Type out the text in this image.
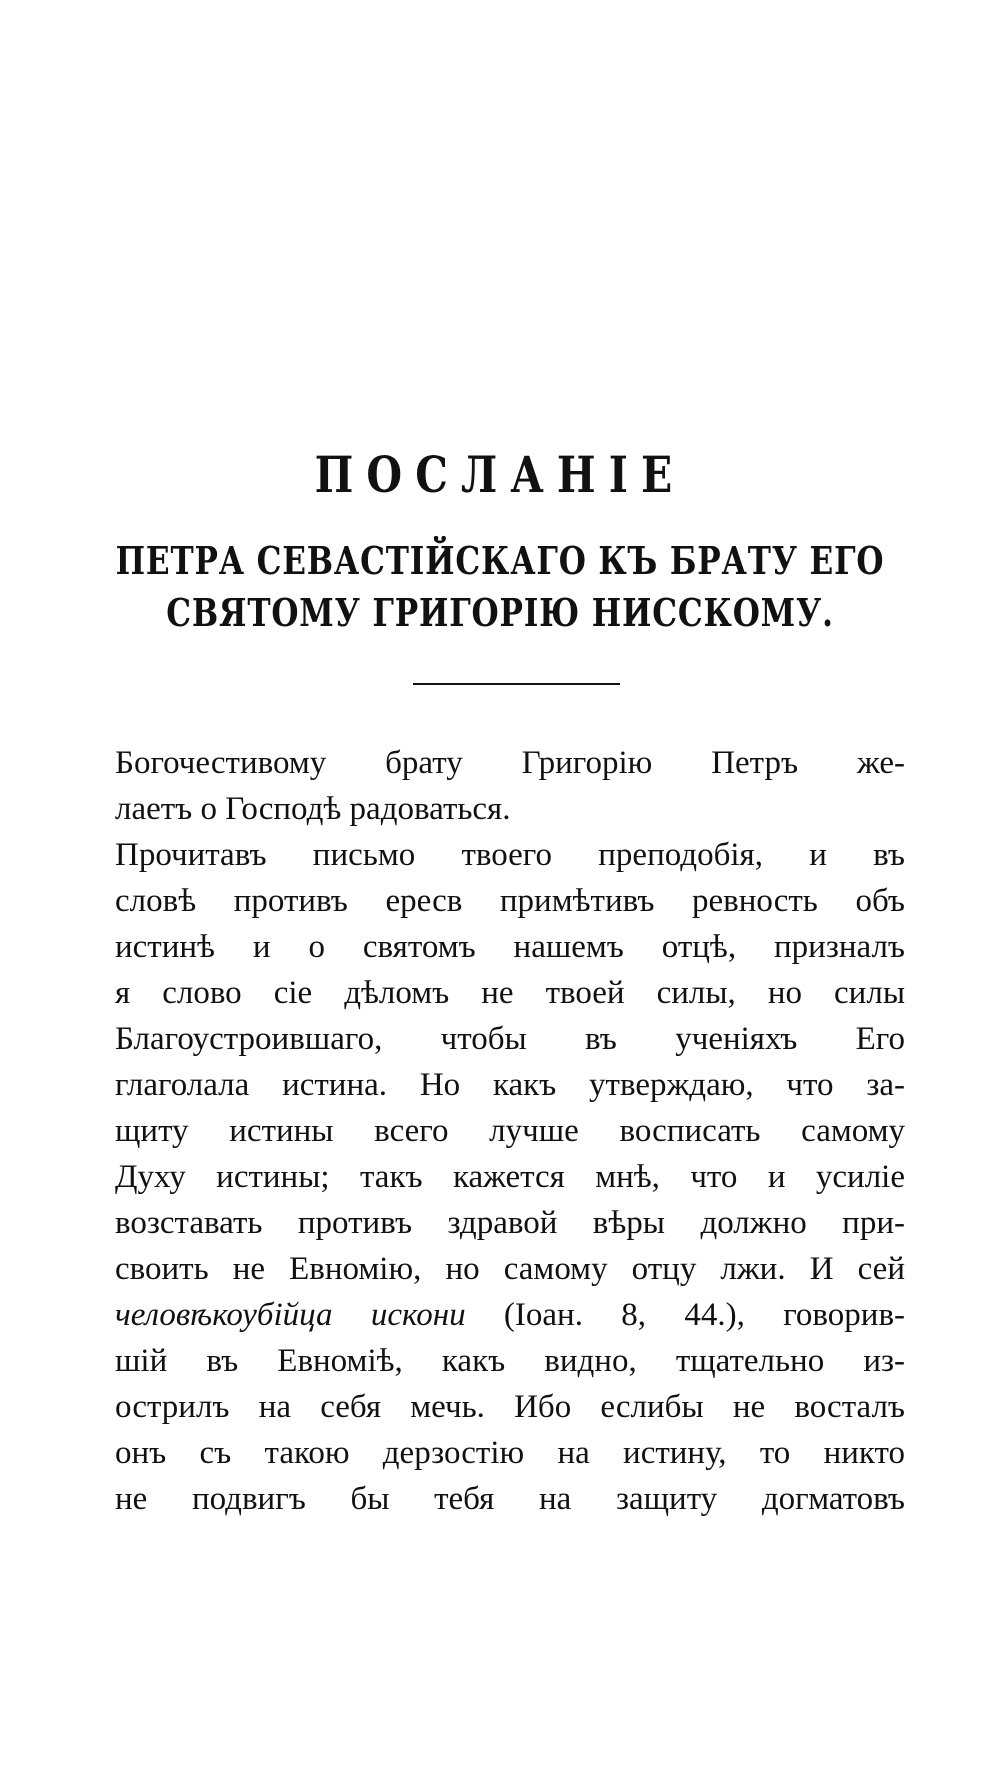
ПОСЛАНІЕ
ПЕТРА СЕВАСТІЙСКАГО КЪ БРАТУ ЕГО
СВЯТОМУ ГРИГОРІЮ НИССКОМУ.
Богочестивому брату Григорію Петръ же-
лаетъ о Господѣ радоваться.
Прочитавъ письмо твоего преподобія, и въ
словѣ противъ ересв примѣтивъ ревность объ
истинѣ и о святомъ нашемъ отцѣ, призналъ
я слово сіе дѣломъ не твоей силы, но силы
Благоустроившаго, чтобы въ ученіяхъ Его
глаголала истина. Но какъ утверждаю, что за-
щиту истины всего лучше восписать самому
Духу истины; такъ кажется мнѣ, что и усиліе
возставать противъ здравой вѣры должно при-
своить не Евномію, но самому отцу лжи. И сей
человѣкоубійца искони (Іоан. 8, 44.), говорив-
шій въ Евномiѣ, какъ видно, тщательно из-
острилъ на себя мечь. Ибо еслибы не восталъ
онъ съ такою дерзостію на истину, то никто
не подвигъ бы тебя на защиту догматовъ
